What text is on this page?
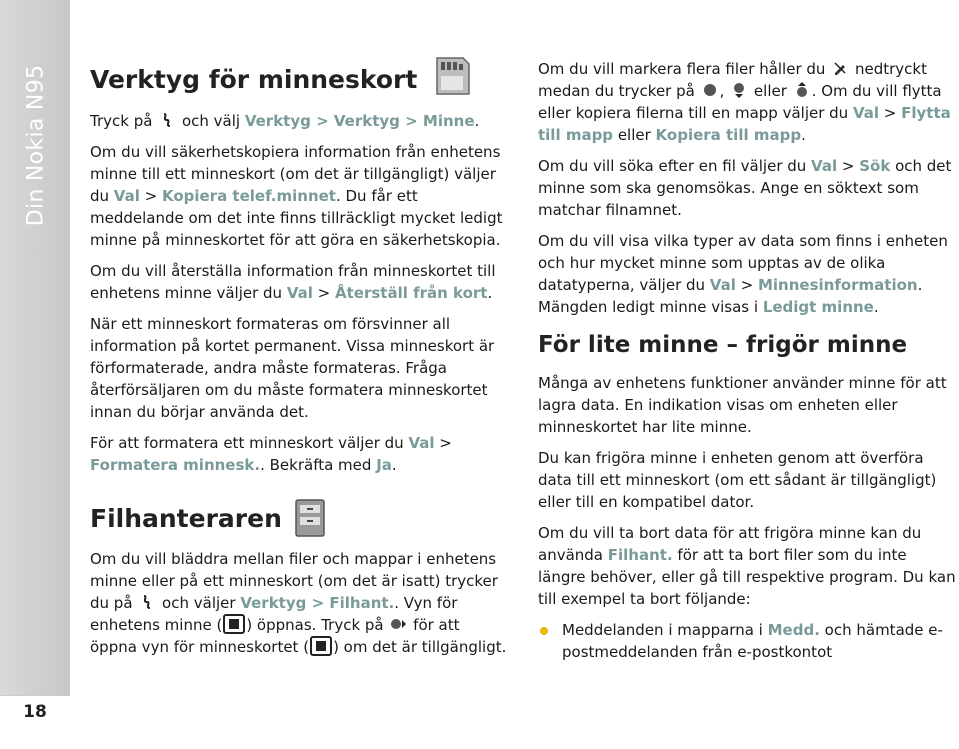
Din Nokia N95
18
Verktyg för minneskort

Tryck på  och välj Verktyg > Verktyg > Minne.

Om du vill säkerhetskopiera information från enhetens minne till ett minneskort (om det är tillgängligt) väljer du Val > Kopiera telef.minnet. Du får ett meddelande om det inte finns tillräckligt mycket ledigt minne på minneskortet för att göra en säkerhetskopia.

Om du vill återställa information från minneskortet till enhetens minne väljer du Val > Återställ från kort.

När ett minneskort formateras om försvinner all information på kortet permanent. Vissa minneskort är förformaterade, andra måste formateras. Fråga återförsäljaren om du måste formatera minneskortet innan du börjar använda det.

För att formatera ett minneskort väljer du Val > Formatera minnesk.. Bekräfta med Ja.

Filhanteraren

Om du vill bläddra mellan filer och mappar i enhetens minne eller på ett minneskort (om det är isatt) trycker du på  och väljer Verktyg > Filhant.. Vyn för enhetens minne ( ) öppnas. Tryck på  för att öppna vyn för minneskortet ( ) om det är tillgängligt.

Om du vill markera flera filer håller du  nedtryckt medan du trycker på ,  eller . Om du vill flytta eller kopiera filerna till en mapp väljer du Val > Flytta till mapp eller Kopiera till mapp.

Om du vill söka efter en fil väljer du Val > Sök och det minne som ska genomsökas. Ange en söktext som matchar filnamnet.

Om du vill visa vilka typer av data som finns i enheten och hur mycket minne som upptas av de olika datatyperna, väljer du Val > Minnesinformation. Mängden ledigt minne visas i Ledigt minne.

För lite minne – frigör minne

Många av enhetens funktioner använder minne för att lagra data. En indikation visas om enheten eller minneskortet har lite minne.

Du kan frigöra minne i enheten genom att överföra data till ett minneskort (om ett sådant är tillgängligt) eller till en kompatibel dator.

Om du vill ta bort data för att frigöra minne kan du använda Filhant. för att ta bort filer som du inte längre behöver, eller gå till respektive program. Du kan till exempel ta bort följande:

Meddelanden i mapparna i Medd. och hämtade e-postmeddelanden från e-postkontot
